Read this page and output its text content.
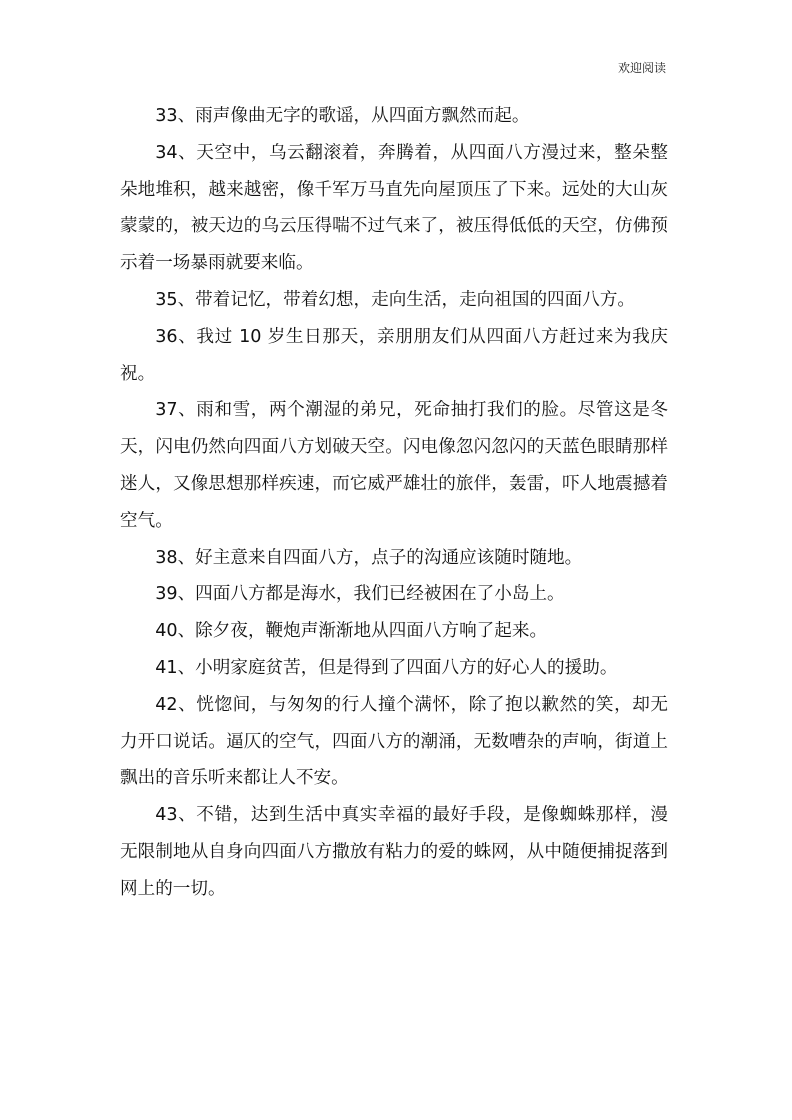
欢迎阅读

33、雨声像曲无字的歌谣，从四面方飘然而起。

34、天空中，乌云翻滚着，奔腾着，从四面八方漫过来，整朵整朵地堆积，越来越密，像千军万马直先向屋顶压了下来。远处的大山灰蒙蒙的，被天边的乌云压得喘不过气来了，被压得低低的天空，仿佛预示着一场暴雨就要来临。

35、带着记忆，带着幻想，走向生活，走向祖国的四面八方。

36、我过 10 岁生日那天，亲朋朋友们从四面八方赶过来为我庆祝。

37、雨和雪，两个潮湿的弟兄，死命抽打我们的脸。尽管这是冬天，闪电仍然向四面八方划破天空。闪电像忽闪忽闪的天蓝色眼睛那样迷人，又像思想那样疾速，而它威严雄壮的旅伴，轰雷，吓人地震撼着空气。

38、好主意来自四面八方，点子的沟通应该随时随地。

39、四面八方都是海水，我们已经被困在了小岛上。

40、除夕夜，鞭炮声渐渐地从四面八方响了起来。

41、小明家庭贫苦，但是得到了四面八方的好心人的援助。

42、恍惚间，与匆匆的行人撞个满怀，除了抱以歉然的笑，却无力开口说话。逼仄的空气，四面八方的潮涌，无数嘈杂的声响，街道上飘出的音乐听来都让人不安。

43、不错，达到生活中真实幸福的最好手段，是像蜘蛛那样，漫无限制地从自身向四面八方撒放有粘力的爱的蛛网，从中随便捕捉落到网上的一切。
